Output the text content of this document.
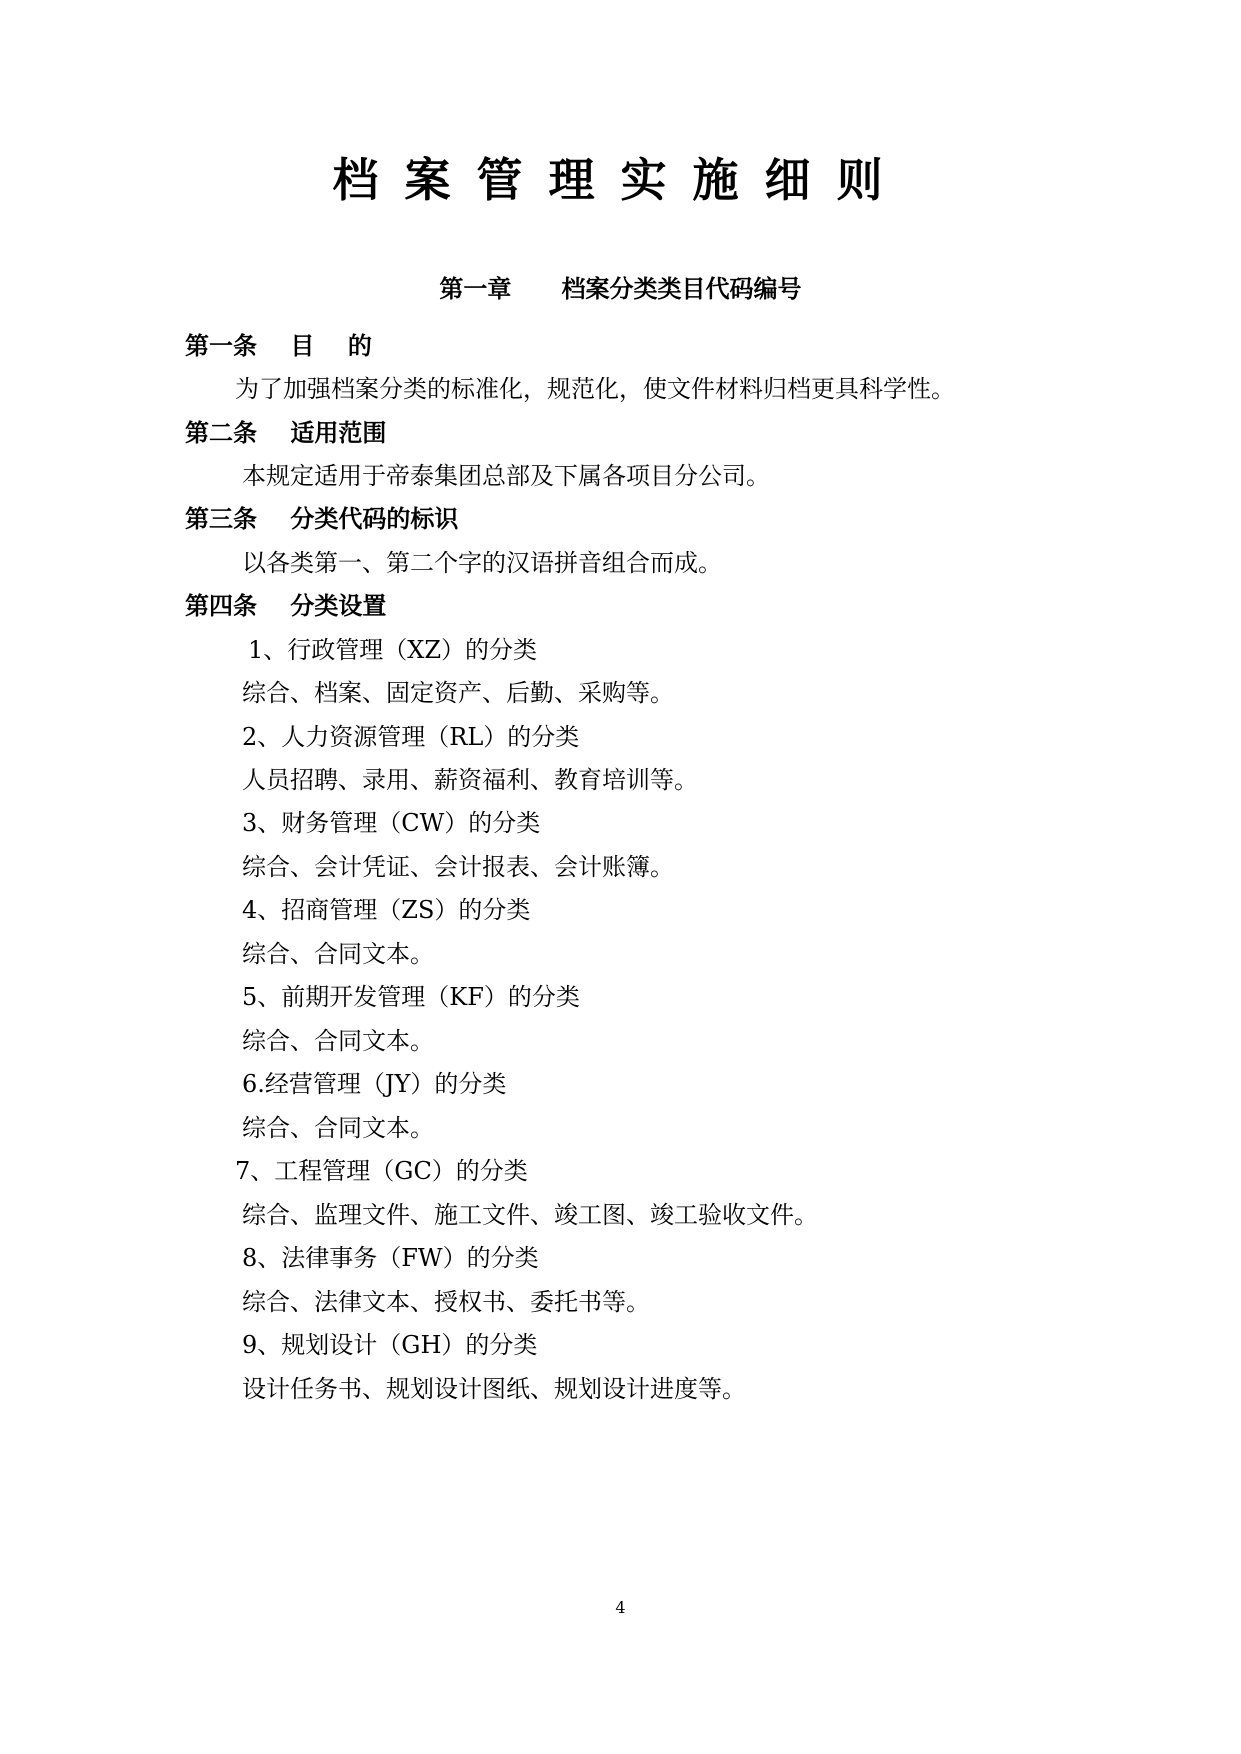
档案管理实施细则
第一章      档案分类类目代码编号
第一条    目    的
为了加强档案分类的标准化，规范化，使文件材料归档更具科学性。
第二条    适用范围
本规定适用于帝泰集团总部及下属各项目分公司。
第三条    分类代码的标识
以各类第一、第二个字的汉语拼音组合而成。
第四条    分类设置
1、行政管理（XZ）的分类
综合、档案、固定资产、后勤、采购等。
2、人力资源管理（RL）的分类
人员招聘、录用、薪资福利、教育培训等。
3、财务管理（CW）的分类
综合、会计凭证、会计报表、会计账簿。
4、招商管理（ZS）的分类
综合、合同文本。
5、前期开发管理（KF）的分类
综合、合同文本。
6.经营管理（JY）的分类
综合、合同文本。
7、工程管理（GC）的分类
综合、监理文件、施工文件、竣工图、竣工验收文件。
8、法律事务（FW）的分类
综合、法律文本、授权书、委托书等。
9、规划设计（GH）的分类
设计任务书、规划设计图纸、规划设计进度等。
4
